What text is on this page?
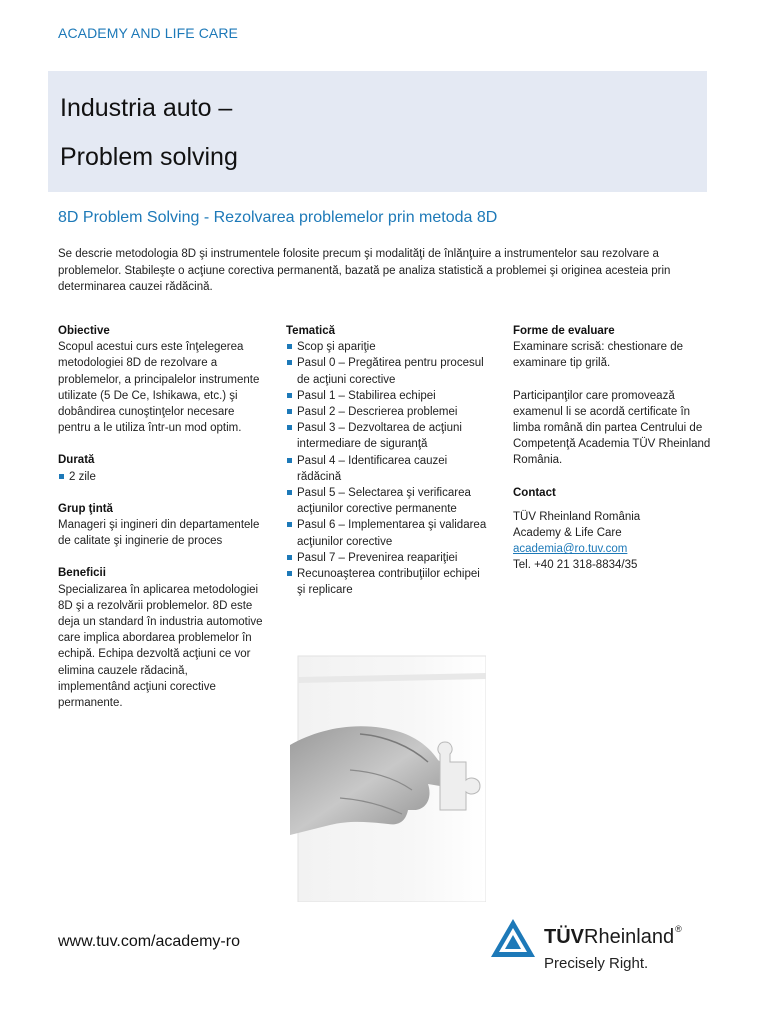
ACADEMY AND LIFE CARE
Industria auto –
Problem solving
8D Problem Solving - Rezolvarea problemelor prin metoda 8D
Se descrie metodologia 8D şi instrumentele folosite precum şi modalităţi de înlănţuire a instrumentelor sau rezolvare a problemelor. Stabileşte o acţiune corectiva permanentă, bazată pe analiza statistică a problemei şi originea acesteia prin determinarea cauzei rădăcină.
Obiective

Scopul acestui curs este înţelegerea metodologiei 8D de rezolvare a problemelor, a principalelor instrumente utilizate (5 De Ce, Ishikawa, etc.) şi dobândirea cunoştinţelor necesare pentru a le utiliza într-un mod optim.

Durată
2 zile
Grup ţintă

Manageri şi ingineri din departamentele de calitate şi inginerie de proces

Beneficii

Specializarea în aplicarea metodologiei 8D şi a rezolvării problemelor. 8D este deja un standard în industria automotive care implica abordarea problemelor în echipă. Echipa dezvoltă acţiuni ce vor elimina cauzele rădacină, implementând acţiuni corective permanente.

Tematică
Scop şi apariţie
Pasul 0 – Pregătirea pentru procesul de acţiuni corective
Pasul 1 – Stabilirea echipei
Pasul 2 – Descrierea problemei
Pasul 3 – Dezvoltarea de acţiuni intermediare de siguranţă
Pasul 4 – Identificarea cauzei rădăcină
Pasul 5 – Selectarea şi verificarea acţiunilor corective permanente
Pasul 6 – Implementarea şi validarea acţiunilor corective
Pasul 7 – Prevenirea reapariţiei
Recunoaşterea contribuţiilor echipei şi replicare
Forme de evaluare

Examinare scrisă: chestionare de examinare tip grilă.

Participanţilor care promovează examenul li se acordă certificate în limba română din partea Centrului de Competenţă Academia TÜV Rheinland România.

Contact
TÜV Rheinland România
Academy & Life Care
academia@ro.tuv.com
Tel. +40 21 318-8834/35
www.tuv.com/academy-ro	TÜVRheinland®
Precisely Right.
